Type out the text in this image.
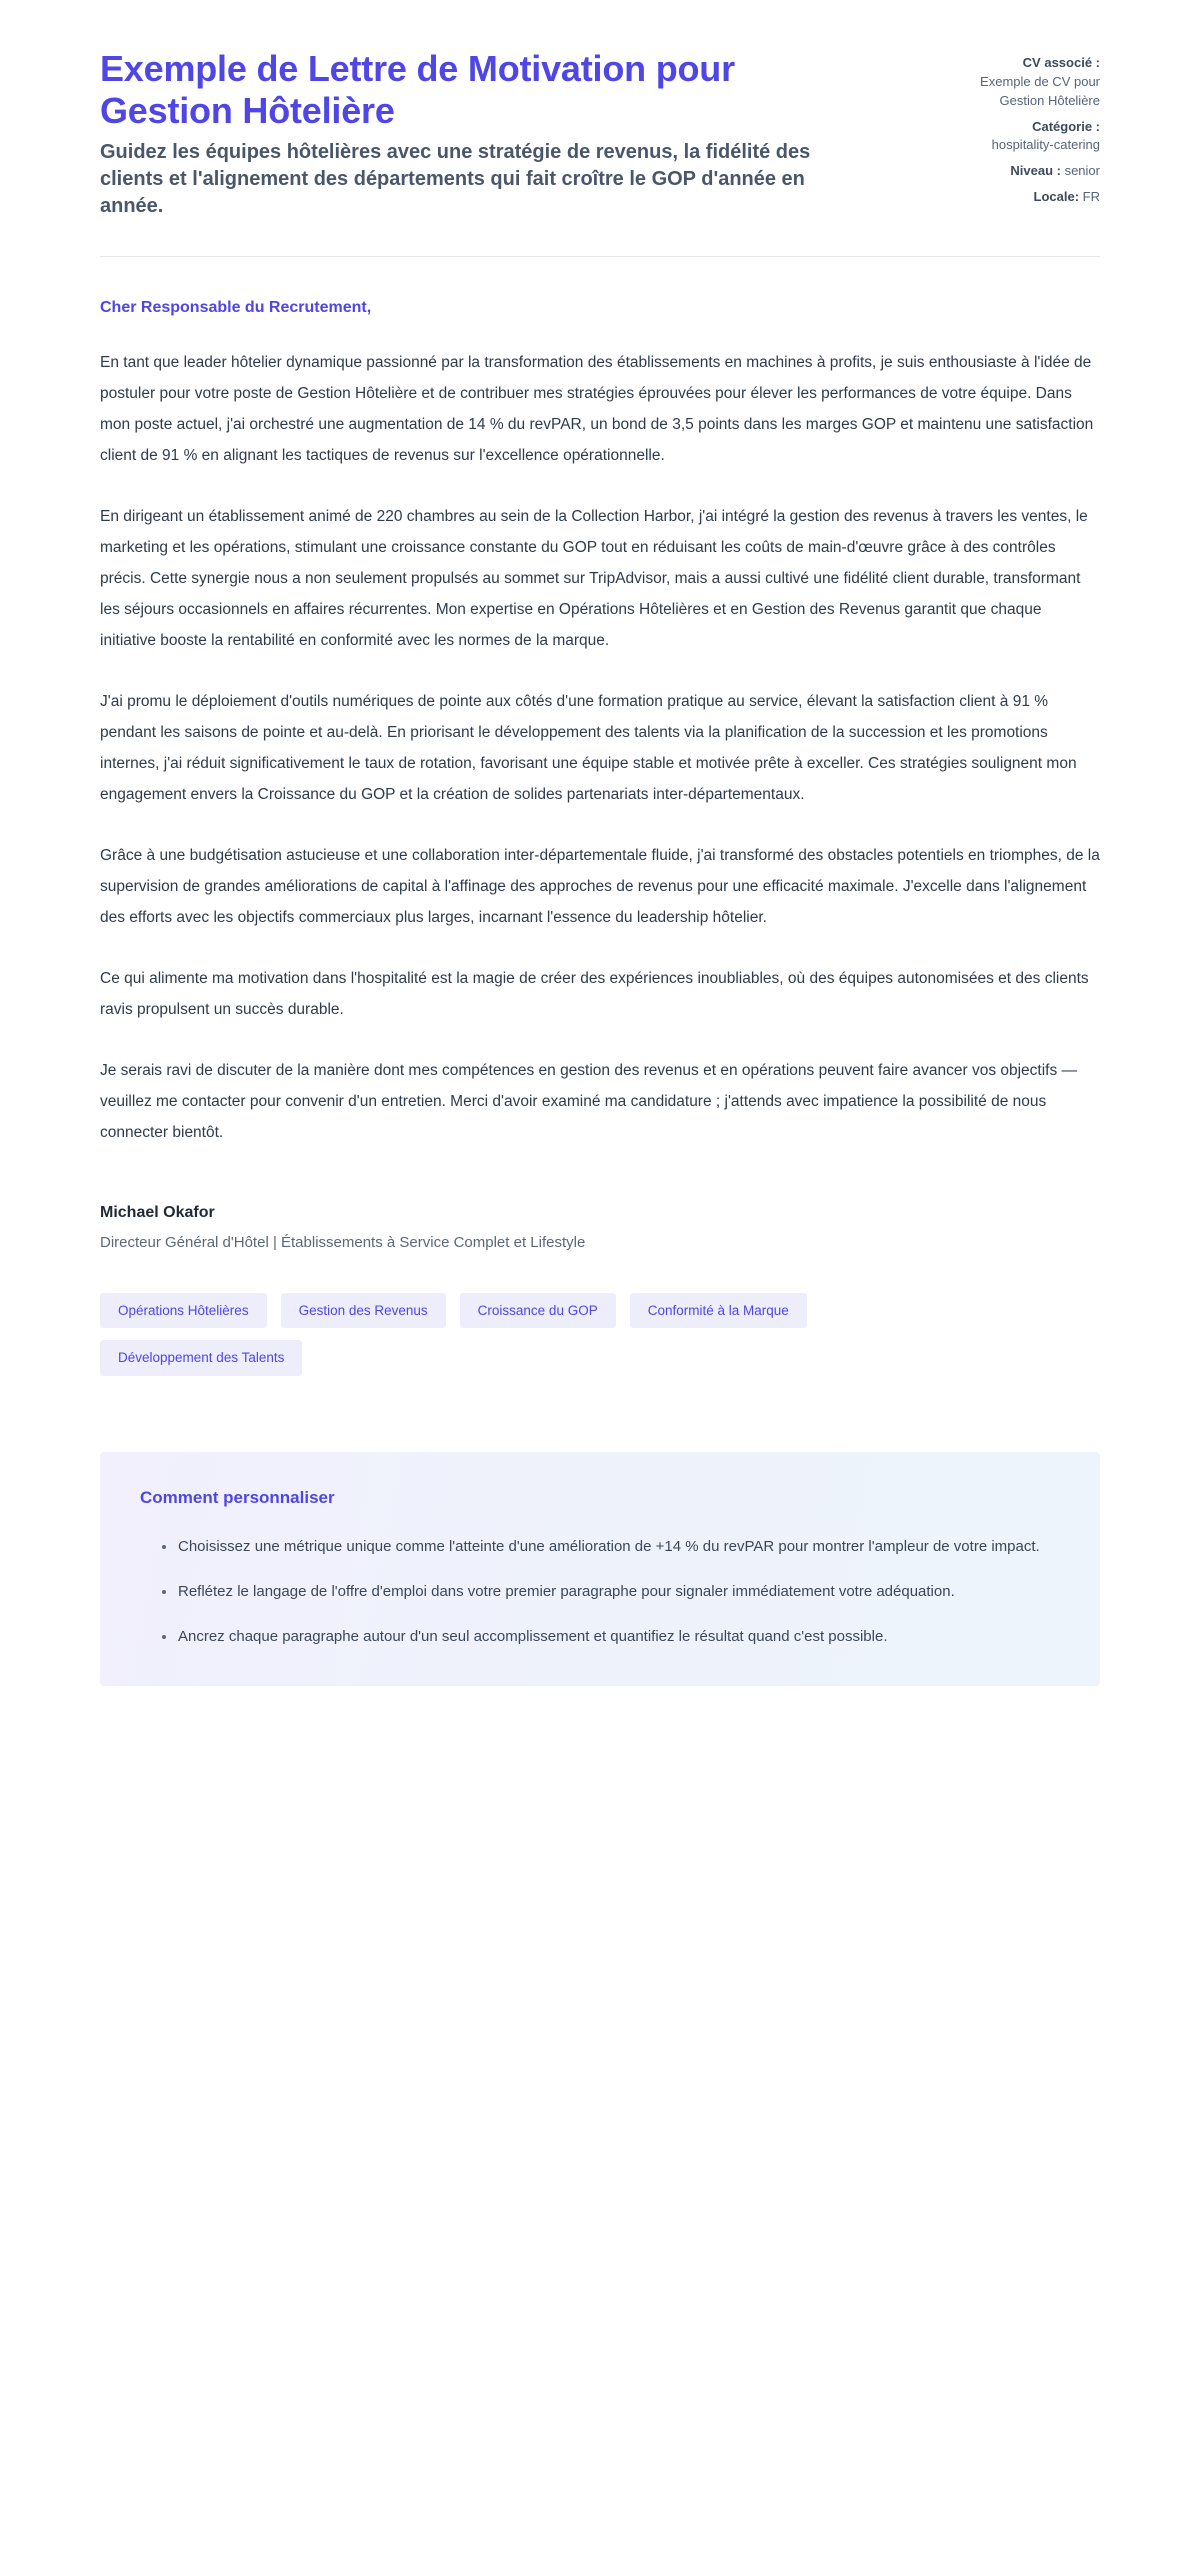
Exemple de Lettre de Motivation pour Gestion Hôtelière

Guidez les équipes hôtelières avec une stratégie de revenus, la fidélité des clients et l'alignement des départements qui fait croître le GOP d'année en année.

CV associé :
Exemple de CV pour Gestion Hôtelière
Catégorie :
hospitality-catering
Niveau : senior
Locale: FR

Cher Responsable du Recrutement,

En tant que leader hôtelier dynamique passionné par la transformation des établissements en machines à profits, je suis enthousiaste à l'idée de postuler pour votre poste de Gestion Hôtelière et de contribuer mes stratégies éprouvées pour élever les performances de votre équipe. Dans mon poste actuel, j'ai orchestré une augmentation de 14 % du revPAR, un bond de 3,5 points dans les marges GOP et maintenu une satisfaction client de 91 % en alignant les tactiques de revenus sur l'excellence opérationnelle.

En dirigeant un établissement animé de 220 chambres au sein de la Collection Harbor, j'ai intégré la gestion des revenus à travers les ventes, le marketing et les opérations, stimulant une croissance constante du GOP tout en réduisant les coûts de main-d'œuvre grâce à des contrôles précis. Cette synergie nous a non seulement propulsés au sommet sur TripAdvisor, mais a aussi cultivé une fidélité client durable, transformant les séjours occasionnels en affaires récurrentes. Mon expertise en Opérations Hôtelières et en Gestion des Revenus garantit que chaque initiative booste la rentabilité en conformité avec les normes de la marque.

J'ai promu le déploiement d'outils numériques de pointe aux côtés d'une formation pratique au service, élevant la satisfaction client à 91 % pendant les saisons de pointe et au-delà. En priorisant le développement des talents via la planification de la succession et les promotions internes, j'ai réduit significativement le taux de rotation, favorisant une équipe stable et motivée prête à exceller. Ces stratégies soulignent mon engagement envers la Croissance du GOP et la création de solides partenariats inter-départementaux.

Grâce à une budgétisation astucieuse et une collaboration inter-départementale fluide, j'ai transformé des obstacles potentiels en triomphes, de la supervision de grandes améliorations de capital à l'affinage des approches de revenus pour une efficacité maximale. J'excelle dans l'alignement des efforts avec les objectifs commerciaux plus larges, incarnant l'essence du leadership hôtelier.

Ce qui alimente ma motivation dans l'hospitalité est la magie de créer des expériences inoubliables, où des équipes autonomisées et des clients ravis propulsent un succès durable.

Je serais ravi de discuter de la manière dont mes compétences en gestion des revenus et en opérations peuvent faire avancer vos objectifs — veuillez me contacter pour convenir d'un entretien. Merci d'avoir examiné ma candidature ; j'attends avec impatience la possibilité de nous connecter bientôt.

Michael Okafor

Directeur Général d'Hôtel | Établissements à Service Complet et Lifestyle

Opérations Hôtelières	Gestion des Revenus	Croissance du GOP	Conformité à la Marque
Développement des Talents
Comment personnaliser
Choisissez une métrique unique comme l'atteinte d'une amélioration de +14 % du revPAR pour montrer l'ampleur de votre impact.
Reflétez le langage de l'offre d'emploi dans votre premier paragraphe pour signaler immédiatement votre adéquation.
Ancrez chaque paragraphe autour d'un seul accomplissement et quantifiez le résultat quand c'est possible.
